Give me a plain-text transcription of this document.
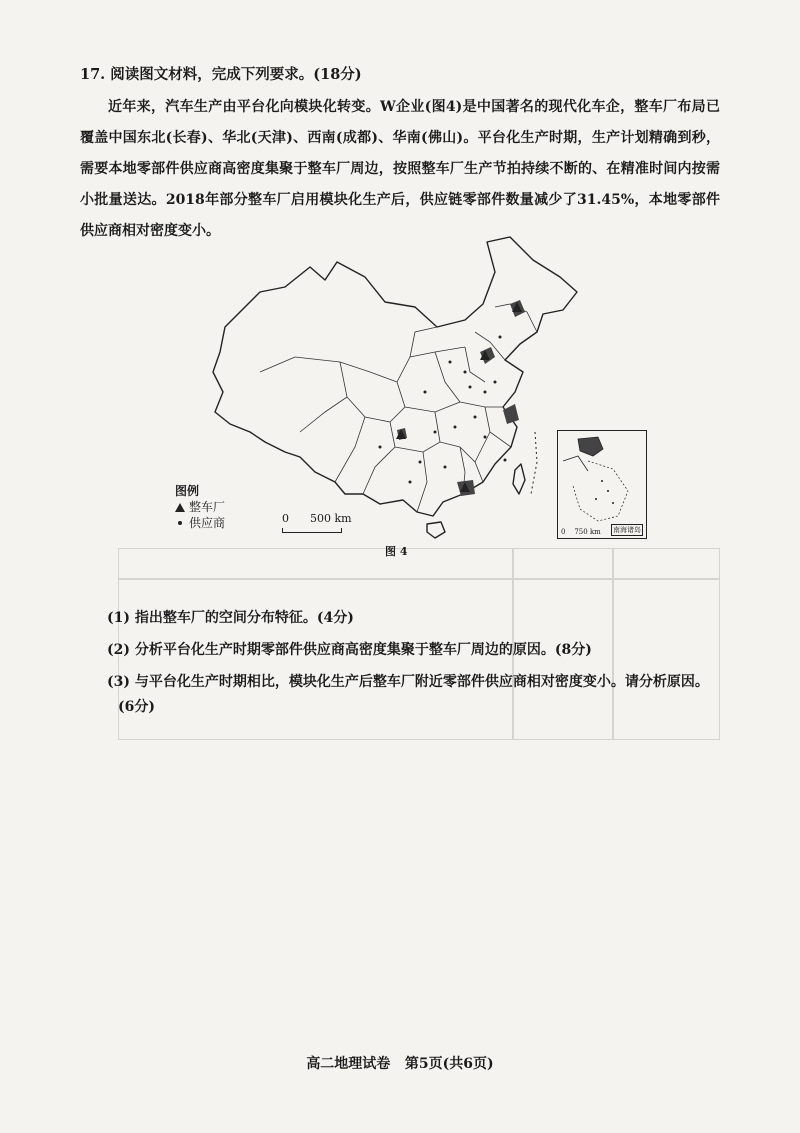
17. 阅读图文材料，完成下列要求。(18分)
近年来，汽车生产由平台化向模块化转变。W企业(图4)是中国著名的现代化车企，整车厂布局已覆盖中国东北(长春)、华北(天津)、西南(成都)、华南(佛山)。平台化生产时期，生产计划精确到秒，需要本地零部件供应商高密度集聚于整车厂周边，按照整车厂生产节拍持续不断的、在精准时间内按需小批量送达。2018年部分整车厂启用模块化生产后，供应链零部件数量减少了31.45%，本地零部件供应商相对密度变小。
图例
整车厂
供应商	0      500 km
0    750 km 南海诸岛
图 4
(1) 指出整车厂的空间分布特征。(4分)
(2) 分析平台化生产时期零部件供应商高密度集聚于整车厂周边的原因。(8分)
(3) 与平台化生产时期相比，模块化生产后整车厂附近零部件供应商相对密度变小。请分析原因。
(6分)
高二地理试卷   第5页(共6页)
